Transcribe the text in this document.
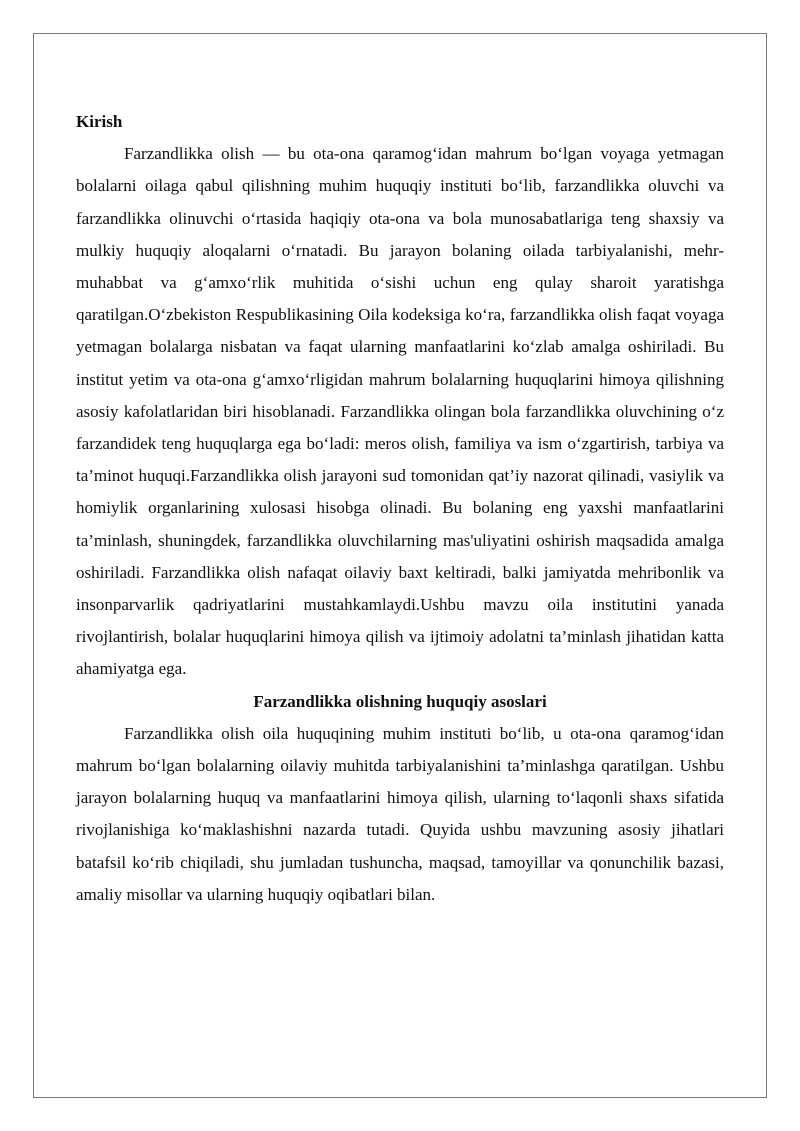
Kirish

Farzandlikka olish — bu ota-ona qaramog‘idan mahrum bo‘lgan voyaga yetmagan bolalarni oilaga qabul qilishning muhim huquqiy instituti bo‘lib, farzandlikka oluvchi va farzandlikka olinuvchi o‘rtasida haqiqiy ota-ona va bola munosabatlariga teng shaxsiy va mulkiy huquqiy aloqalarni o‘rnatadi. Bu jarayon bolaning oilada tarbiyalanishi, mehr-muhabbat va g‘amxo‘rlik muhitida o‘sishi uchun eng qulay sharoit yaratishga qaratilgan.O‘zbekiston Respublikasining Oila kodeksiga ko‘ra, farzandlikka olish faqat voyaga yetmagan bolalarga nisbatan va faqat ularning manfaatlarini ko‘zlab amalga oshiriladi. Bu institut yetim va ota-ona g‘amxo‘rligidan mahrum bolalarning huquqlarini himoya qilishning asosiy kafolatlaridan biri hisoblanadi. Farzandlikka olingan bola farzandlikka oluvchining o‘z farzandidek teng huquqlarga ega bo‘ladi: meros olish, familiya va ism o‘zgartirish, tarbiya va ta’minot huquqi.Farzandlikka olish jarayoni sud tomonidan qat’iy nazorat qilinadi, vasiylik va homiylik organlarining xulosasi hisobga olinadi. Bu bolaning eng yaxshi manfaatlarini ta’minlash, shuningdek, farzandlikka oluvchilarning mas'uliyatini oshirish maqsadida amalga oshiriladi. Farzandlikka olish nafaqat oilaviy baxt keltiradi, balki jamiyatda mehribonlik va insonparvarlik qadriyatlarini mustahkamlaydi.Ushbu mavzu oila institutini yanada rivojlantirish, bolalar huquqlarini himoya qilish va ijtimoiy adolatni ta’minlash jihatidan katta ahamiyatga ega.

Farzandlikka olishning huquqiy asoslari

Farzandlikka olish oila huquqining muhim instituti bo‘lib, u ota-ona qaramog‘idan mahrum bo‘lgan bolalarning oilaviy muhitda tarbiyalanishini ta’minlashga qaratilgan. Ushbu jarayon bolalarning huquq va manfaatlarini himoya qilish, ularning to‘laqonli shaxs sifatida rivojlanishiga ko‘maklashishni nazarda tutadi. Quyida ushbu mavzuning asosiy jihatlari batafsil ko‘rib chiqiladi, shu jumladan tushuncha, maqsad, tamoyillar va qonunchilik bazasi, amaliy misollar va ularning huquqiy oqibatlari bilan.
